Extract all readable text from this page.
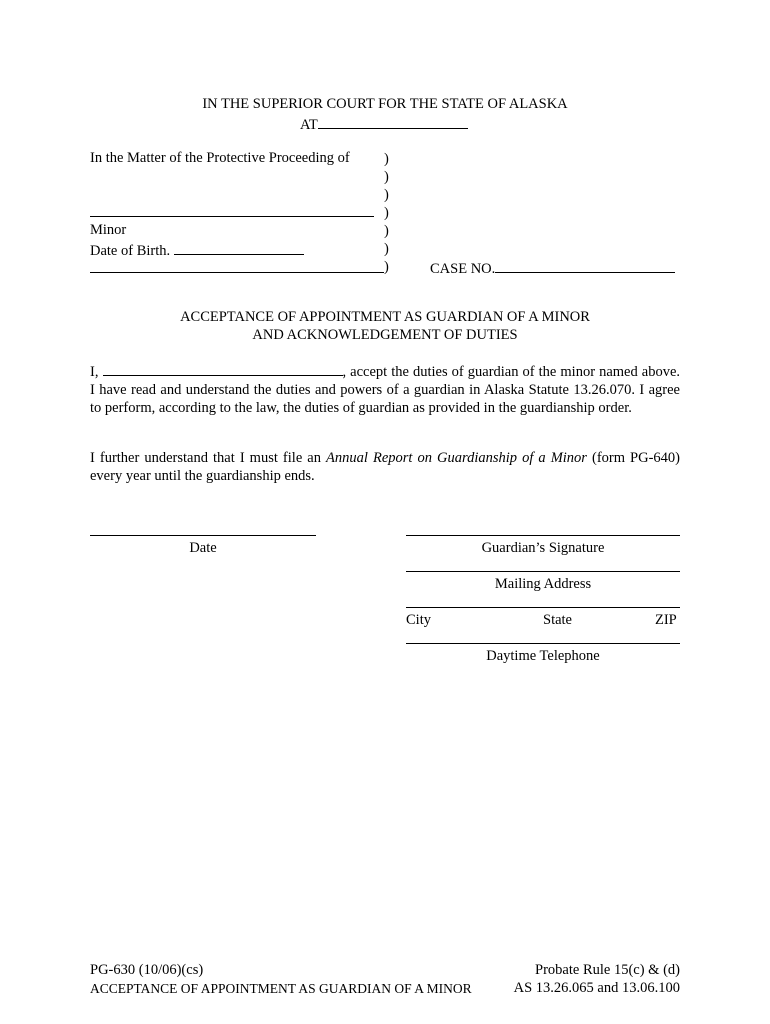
IN THE SUPERIOR COURT FOR THE STATE OF ALASKA
AT
In the Matter of the Protective Proceeding of
Minor
Date of Birth.
)
)
)
)
)
)
)	CASE NO.
ACCEPTANCE OF APPOINTMENT AS GUARDIAN OF A MINOR
AND ACKNOWLEDGEMENT OF DUTIES
I,	, accept the duties of guardian of the minor named above. I have read and understand the duties and powers of a guardian in Alaska Statute 13.26.070. I agree to perform, according to the law, the duties of guardian as provided in the guardianship order.
I further understand that I must file an Annual Report on Guardianship of a Minor (form PG-640) every year until the guardianship ends.
Date	Guardian’s Signature
Mailing Address
City	State	ZIP
Daytime Telephone
PG-630 (10/06)(cs)
ACCEPTANCE OF APPOINTMENT AS GUARDIAN OF A MINOR
Probate Rule 15(c) & (d)
AS 13.26.065 and 13.06.100
